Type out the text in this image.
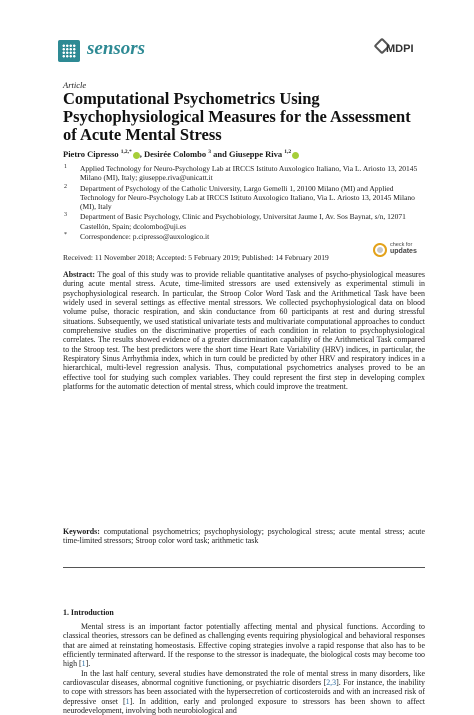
sensors	MDPI
Article
Computational Psychometrics Using Psychophysiological Measures for the Assessment of Acute Mental Stress
Pietro Cipresso $^{1,2,*}$ , Desirée Colombo $^3$ and Giuseppe Riva $^{1,2}$
1 Applied Technology for Neuro-Psychology Lab at IRCCS Istituto Auxologico Italiano, Via L. Ariosto 13, 20145 Milano (MI), Italy; giuseppe.riva@unicatt.it
2 Department of Psychology of the Catholic University, Largo Gemelli 1, 20100 Milano (MI) and Applied Technology for Neuro-Psychology Lab at IRCCS Istituto Auxologico Italiano, Via L. Ariosto 13, 20145 Milano (MI), Italy
3 Department of Basic Psychology, Clinic and Psychobiology, Universitat Jaume I, Av. Sos Baynat, s/n, 12071 Castellón, Spain; dcolombo@uji.es
* Correspondence: p.cipresso@auxologico.it
Received: 11 November 2018; Accepted: 5 February 2019; Published: 14 February 2019
check for
updates
Abstract: The goal of this study was to provide reliable quantitative analyses of psycho-physiological measures during acute mental stress. Acute, time-limited stressors are used extensively as experimental stimuli in psychophysiological research. In particular, the Stroop Color Word Task and the Arithmetical Task have been widely used in several settings as effective mental stressors. We collected psychophysiological data on blood volume pulse, thoracic respiration, and skin conductance from 60 participants at rest and during stressful situations. Subsequently, we used statistical univariate tests and multivariate computational approaches to conduct comprehensive studies on the discriminative properties of each condition in relation to psychophysiological correlates. The results showed evidence of a greater discrimination capability of the Arithmetical Task compared to the Stroop test. The best predictors were the short time Heart Rate Variability (HRV) indices, in particular, the Respiratory Sinus Arrhythmia index, which in turn could be predicted by other HRV and respiratory indices in a hierarchical, multi-level regression analysis. Thus, computational psychometrics analyses proved to be an effective tool for studying such complex variables. They could represent the first step in developing complex platforms for the automatic detection of mental stress, which could improve the treatment.
Keywords: computational psychometrics; psychophysiology; psychological stress; acute mental stress; acute time-limited stressors; Stroop color word task; arithmetic task
1. Introduction

Mental stress is an important factor potentially affecting mental and physical functions. According to classical theories, stressors can be defined as challenging events requiring physiological and behavioral responses that are aimed at reinstating homeostasis. Effective coping strategies involve a rapid response that also has to be efficiently terminated afterward. If the response to the stressor is inadequate, the biological costs may become too high [1].

In the last half century, several studies have demonstrated the role of mental stress in many disorders, like cardiovascular diseases, abnormal cognitive functioning, or psychiatric disorders [2,3]. For instance, the inability to cope with stressors has been associated with the hypersecretion of corticosteroids and with an increased risk of depressive onset [1]. In addition, early and prolonged exposure to stressors has been shown to affect neurodevelopment, involving both neurobiological and
